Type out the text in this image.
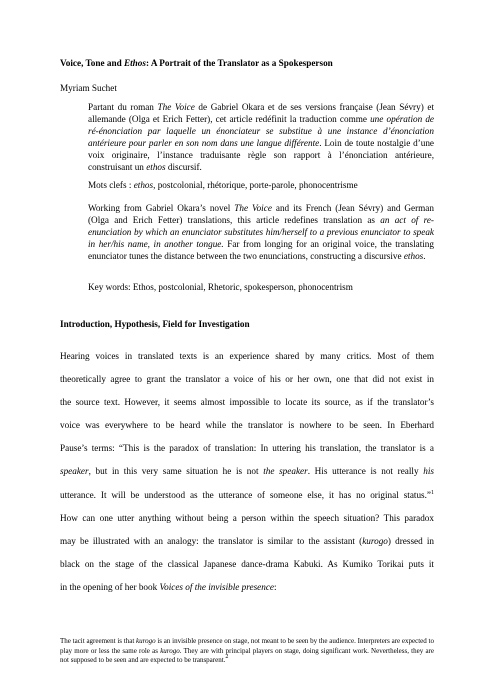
Voice, Tone and Ethos: A Portrait of the Translator as a Spokesperson
Myriam Suchet

Partant du roman The Voice de Gabriel Okara et de ses versions française (Jean Sévry) et allemande (Olga et Erich Fetter), cet article redéfinit la traduction comme une opération de ré-énonciation par laquelle un énonciateur se substitue à une instance d’énonciation antérieure pour parler en son nom dans une langue différente. Loin de toute nostalgie d’une voix originaire, l’instance traduisante règle son rapport à l’énonciation antérieure, construisant un ethos discursif.

Mots clefs : ethos, postcolonial, rhétorique, porte-parole, phonocentrisme

Working from Gabriel Okara’s novel The Voice and its French (Jean Sévry) and German (Olga and Erich Fetter) translations, this article redefines translation as an act of re-enunciation by which an enunciator substitutes him/herself to a previous enunciator to speak in her/his name, in another tongue. Far from longing for an original voice, the translating enunciator tunes the distance between the two enunciations, constructing a discursive ethos.

Key words: Ethos, postcolonial, Rhetoric, spokesperson, phonocentrism

Introduction, Hypothesis, Field for Investigation
Hearing voices in translated texts is an experience shared by many critics. Most of them
theoretically agree to grant the translator a voice of his or her own, one that did not exist in
the source text. However, it seems almost impossible to locate its source, as if the translator’s
voice was everywhere to be heard while the translator is nowhere to be seen. In Eberhard
Pause’s terms: “This is the paradox of translation: In uttering his translation, the translator is a
speaker, but in this very same situation he is not the speaker. His utterance is not really his
utterance. It will be understood as the utterance of someone else, it has no original status.”$^1$
How can one utter anything without being a person within the speech situation? This paradox
may be illustrated with an analogy: the translator is similar to the assistant (kurogo) dressed in
black on the stage of the classical Japanese dance-drama Kabuki. As Kumiko Torikai puts it
in the opening of her book Voices of the invisible presence:

The tacit agreement is that kurogo is an invisible presence on stage, not meant to be seen by the audience. Interpreters are expected to play more or less the same role as kurogo. They are with principal players on stage, doing significant work. Nevertheless, they are not supposed to be seen and are expected to be transparent.$^2$
